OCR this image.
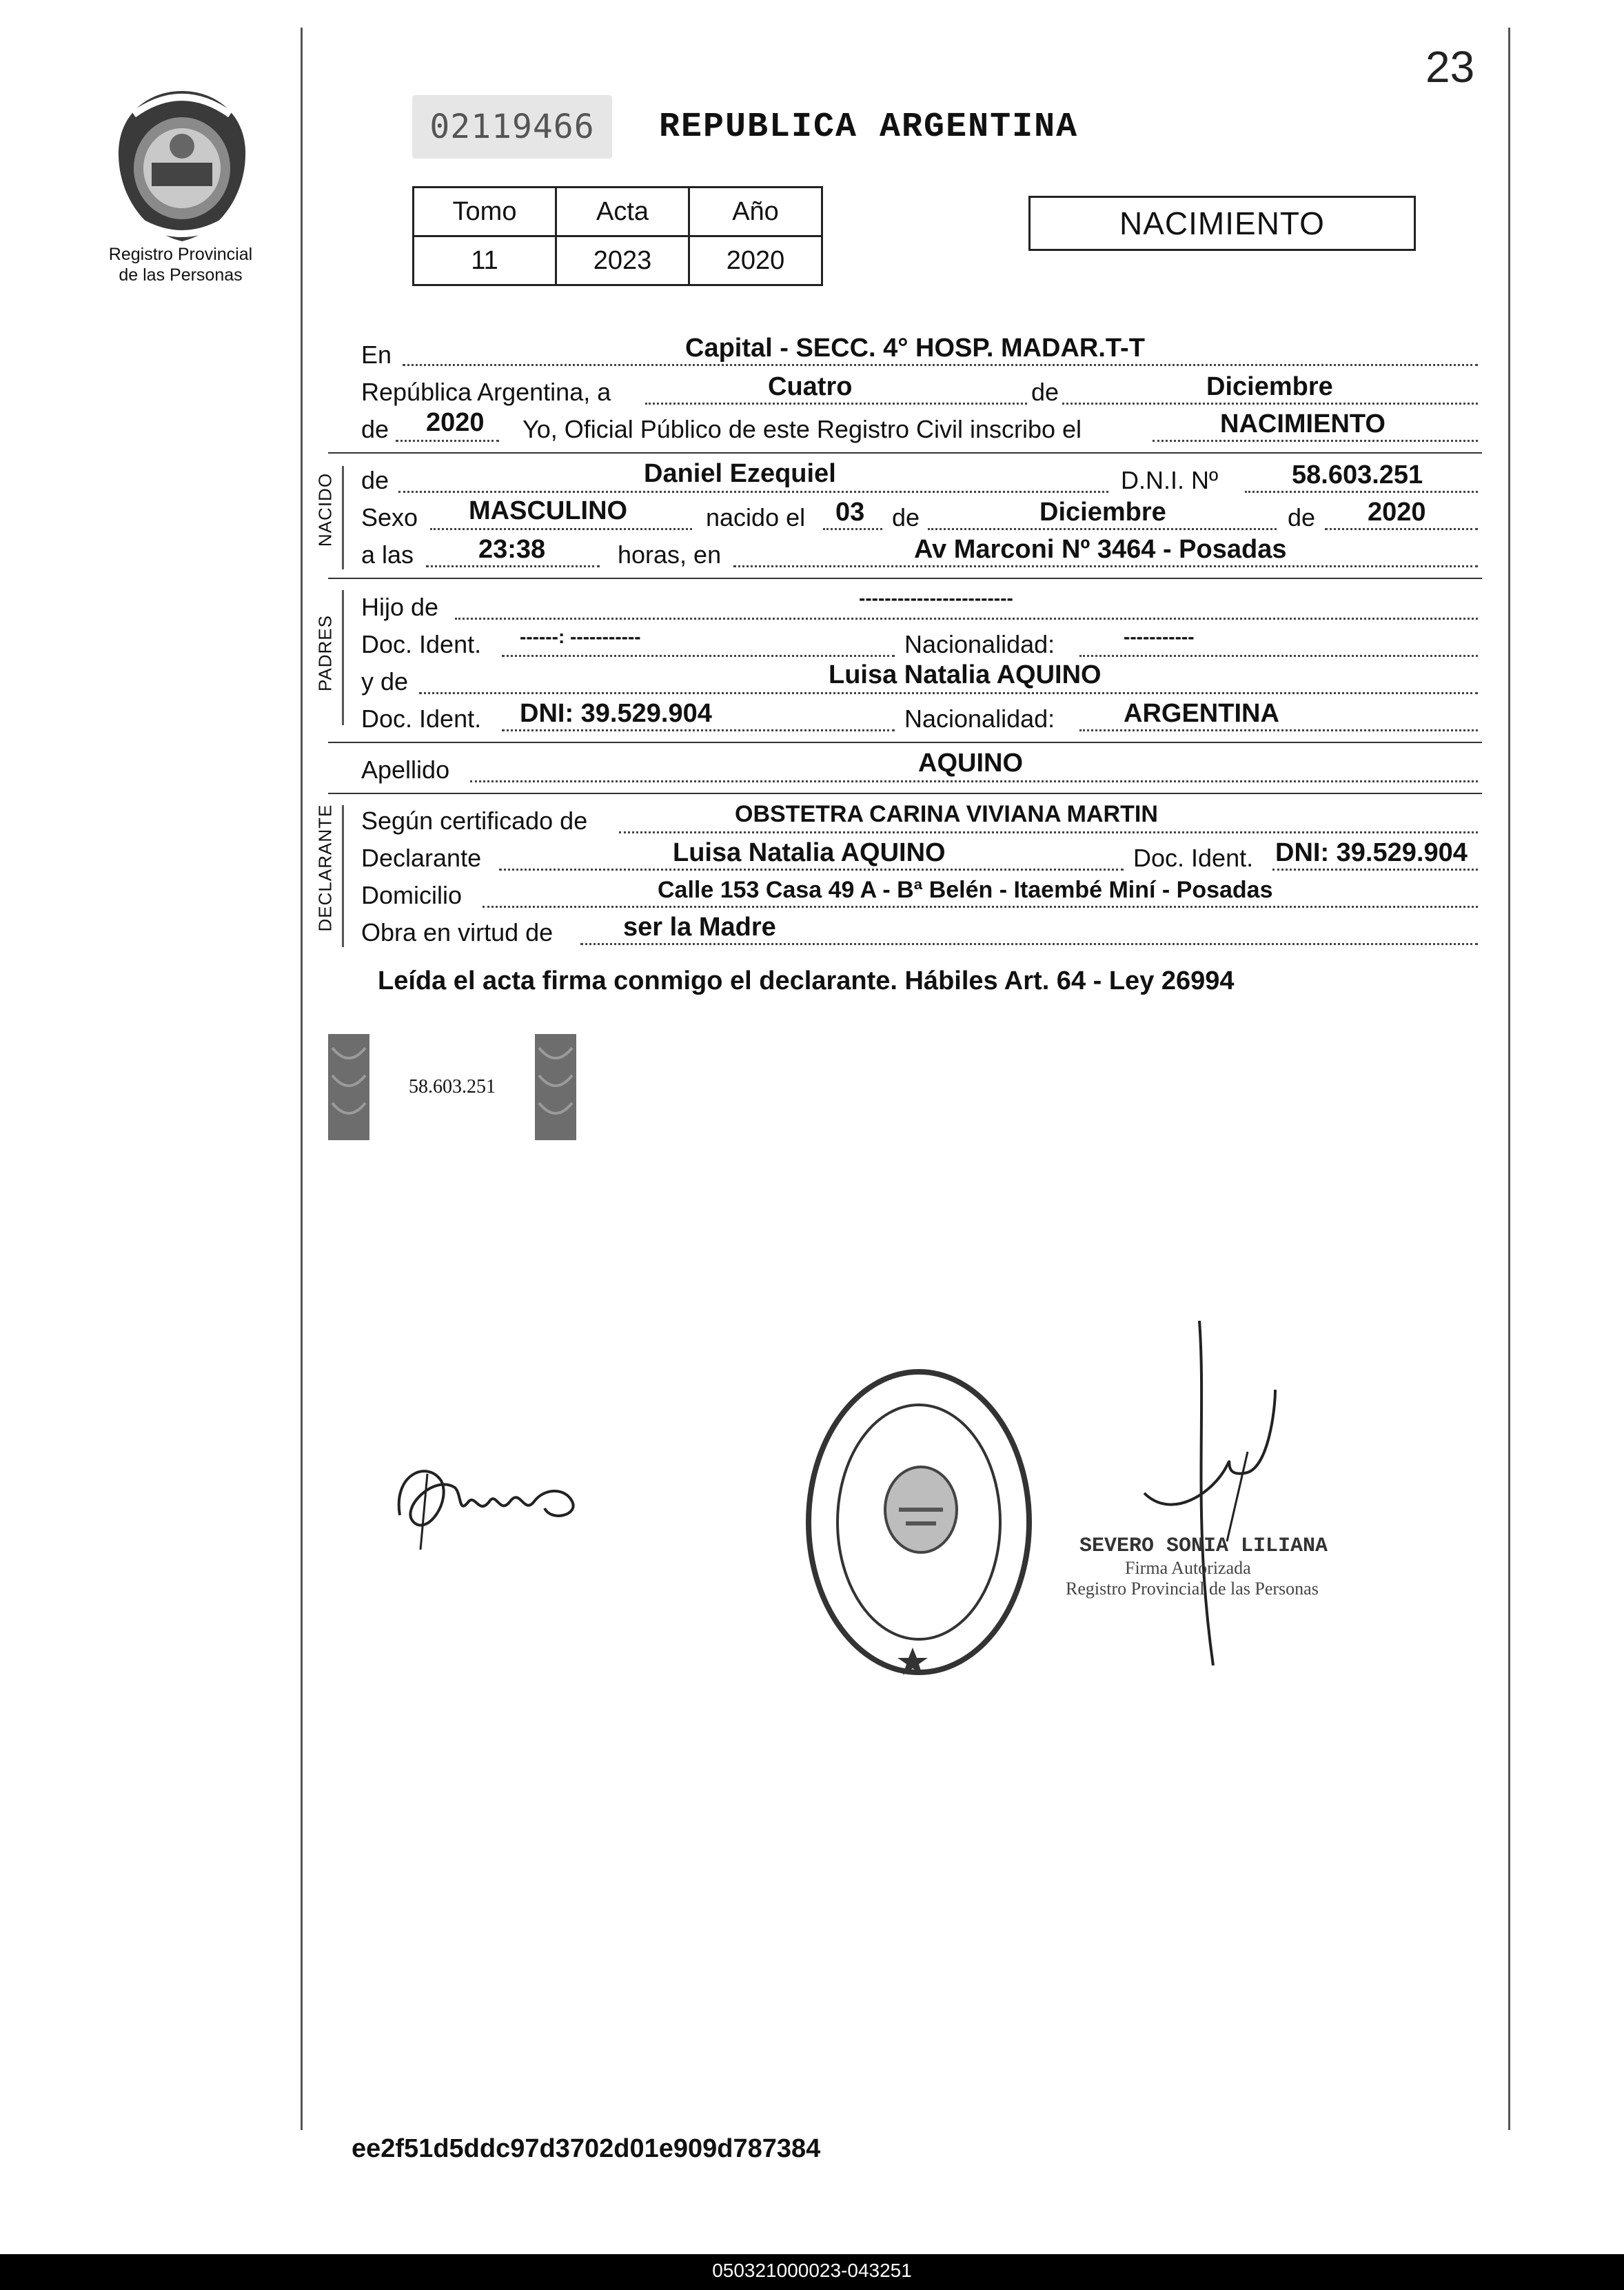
23
Registro Provincial
de las Personas
02119466	REPUBLICA ARGENTINA
Tomo	Acta	Año
11	2023	2020
NACIMIENTO
En	Capital - SECC. 4° HOSP. MADAR.T-T
República Argentina, a	Cuatro	de	Diciembre
de 2020 Yo, Oficial Público de este Registro Civil inscribo el	NACIMIENTO
NACIDO de	Daniel Ezequiel	D.N.I. Nº	58.603.251
Sexo MASCULINO	nacido el 03 de	Diciembre	de 2020
a las 23:38	horas, en	Av Marconi Nº 3464 - Posadas
PADRES
Hijo de	------------------------
Doc. Ident. ------: -----------	Nacionalidad:	-----------
y de	Luisa Natalia AQUINO
Doc. Ident. DNI: 39.529.904	Nacionalidad:	ARGENTINA
Apellido	AQUINO
DECLARANTE Según certificado de	OBSTETRA CARINA VIVIANA MARTIN
Declarante	Luisa Natalia AQUINO	Doc. Ident. DNI: 39.529.904
Domicilio	Calle 153 Casa 49 A - Bª Belén - Itaembé Miní - Posadas
Obra en virtud de	ser la Madre
Leída el acta firma conmigo el declarante. Hábiles Art. 64 - Ley 26994
58.603.251
SEVERO SONIA LILIANA
Firma Autorizada
Registro Provincial de las Personas
ee2f51d5ddc97d3702d01e909d787384
050321000023-043251
